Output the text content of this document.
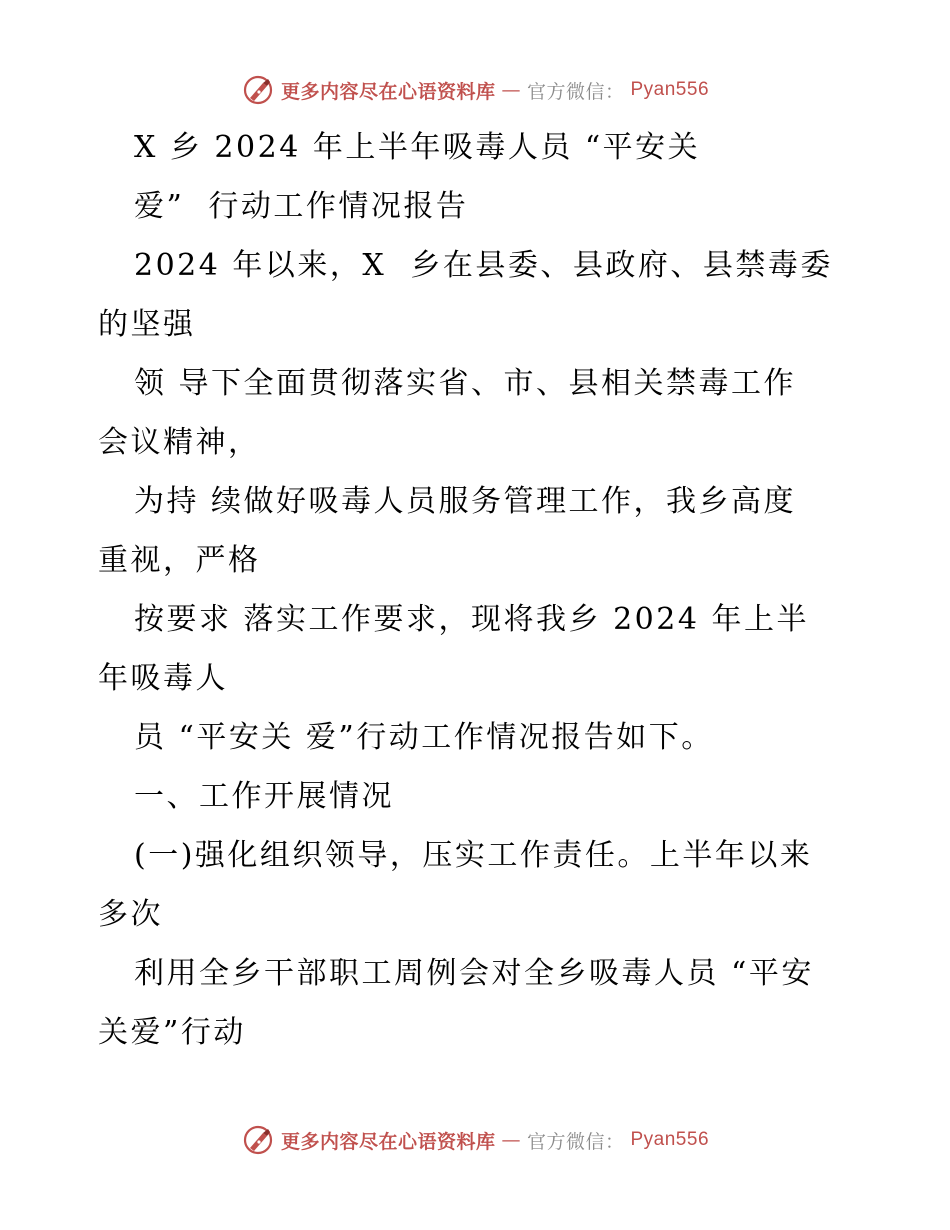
更多内容尽在心语资料库 — 官方微信： Pyan556
X 乡 2024 年上半年吸毒人员 “平安关
爱”  行动工作情况报告
2024 年以来，X  乡在县委、县政府、县禁毒委
的坚强
领 导下全面贯彻落实省、市、县相关禁毒工作
会议精神，
为持 续做好吸毒人员服务管理工作，我乡高度
重视，严格
按要求 落实工作要求，现将我乡 2024 年上半
年吸毒人
员 “平安关 爱”行动工作情况报告如下。
一、工作开展情况
(一)强化组织领导，压实工作责任。上半年以来
多次
利用全乡干部职工周例会对全乡吸毒人员 “平安
关爱”行动
更多内容尽在心语资料库 — 官方微信： Pyan556
